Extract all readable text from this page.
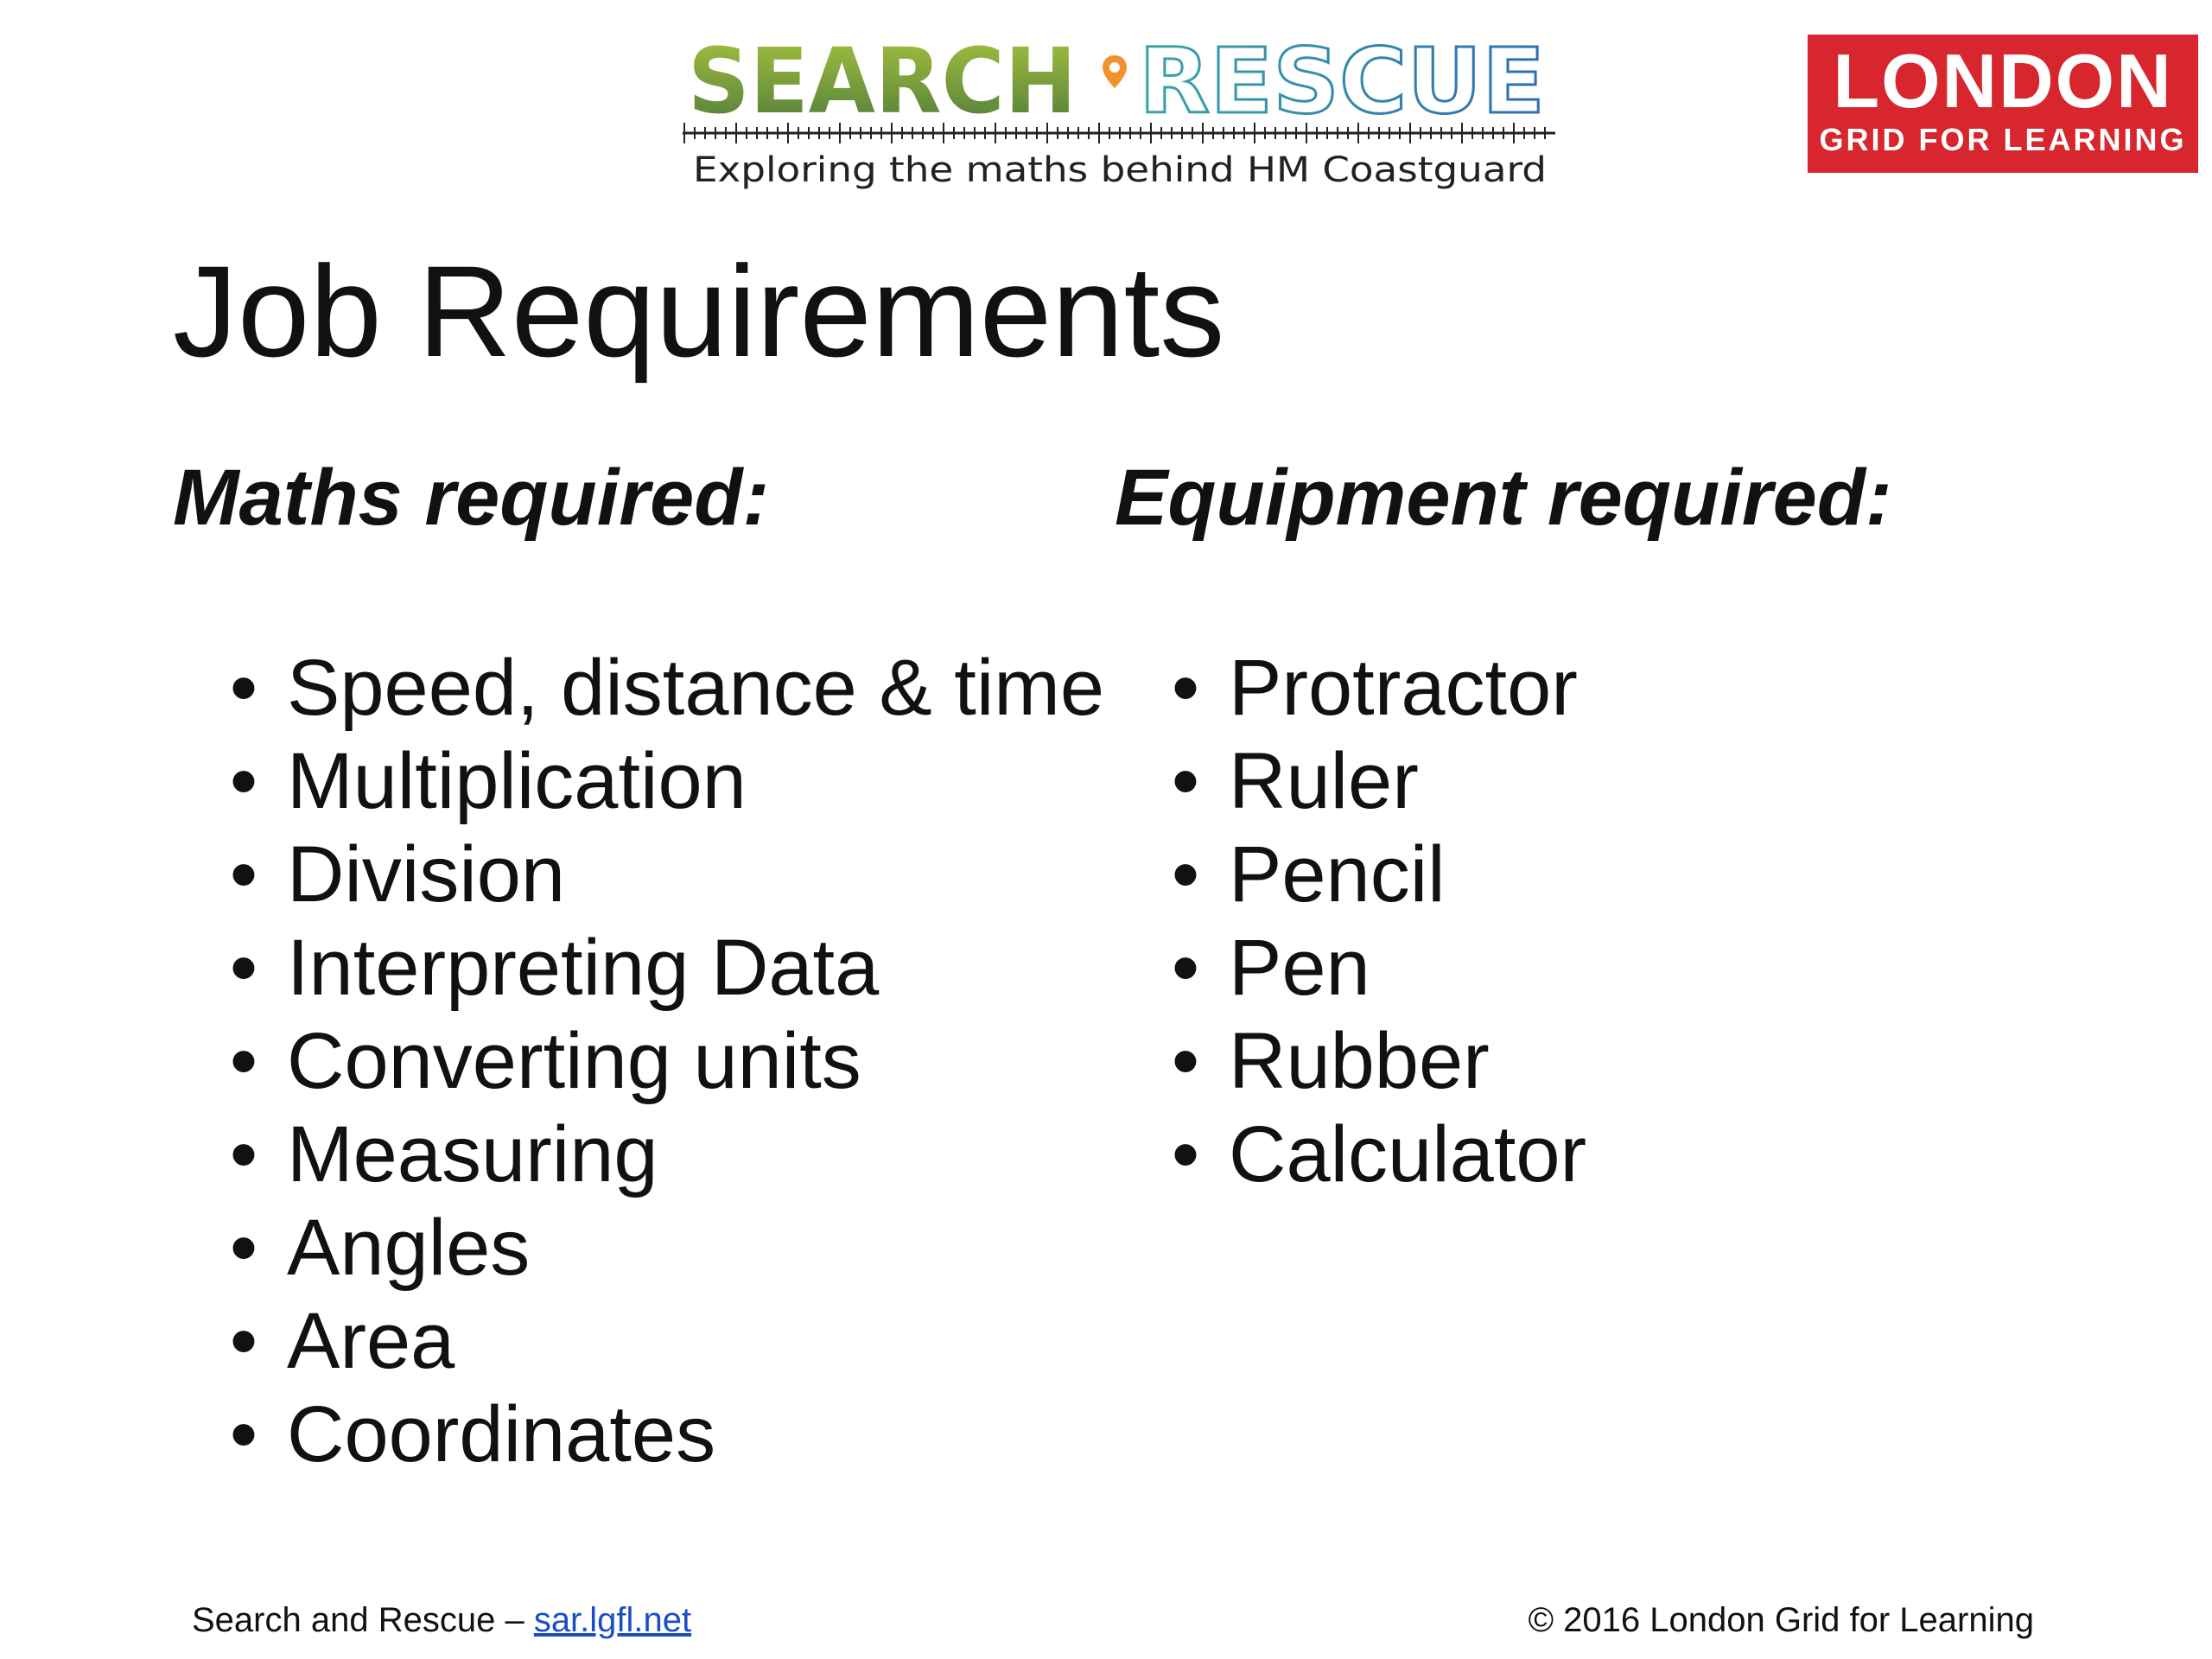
SEARCH RESCUE
Exploring the maths behind HM Coastguard
LONDON
GRID FOR LEARNING
Job Requirements
Maths required:
• Speed, distance & time
• Multiplication
• Division
• Interpreting Data
• Converting units
• Measuring
• Angles
• Area
• Coordinates
Equipment required:
• Protractor
• Ruler
• Pencil
• Pen
• Rubber
• Calculator
Search and Rescue – sar.lgfl.net	© 2016 London Grid for Learning
